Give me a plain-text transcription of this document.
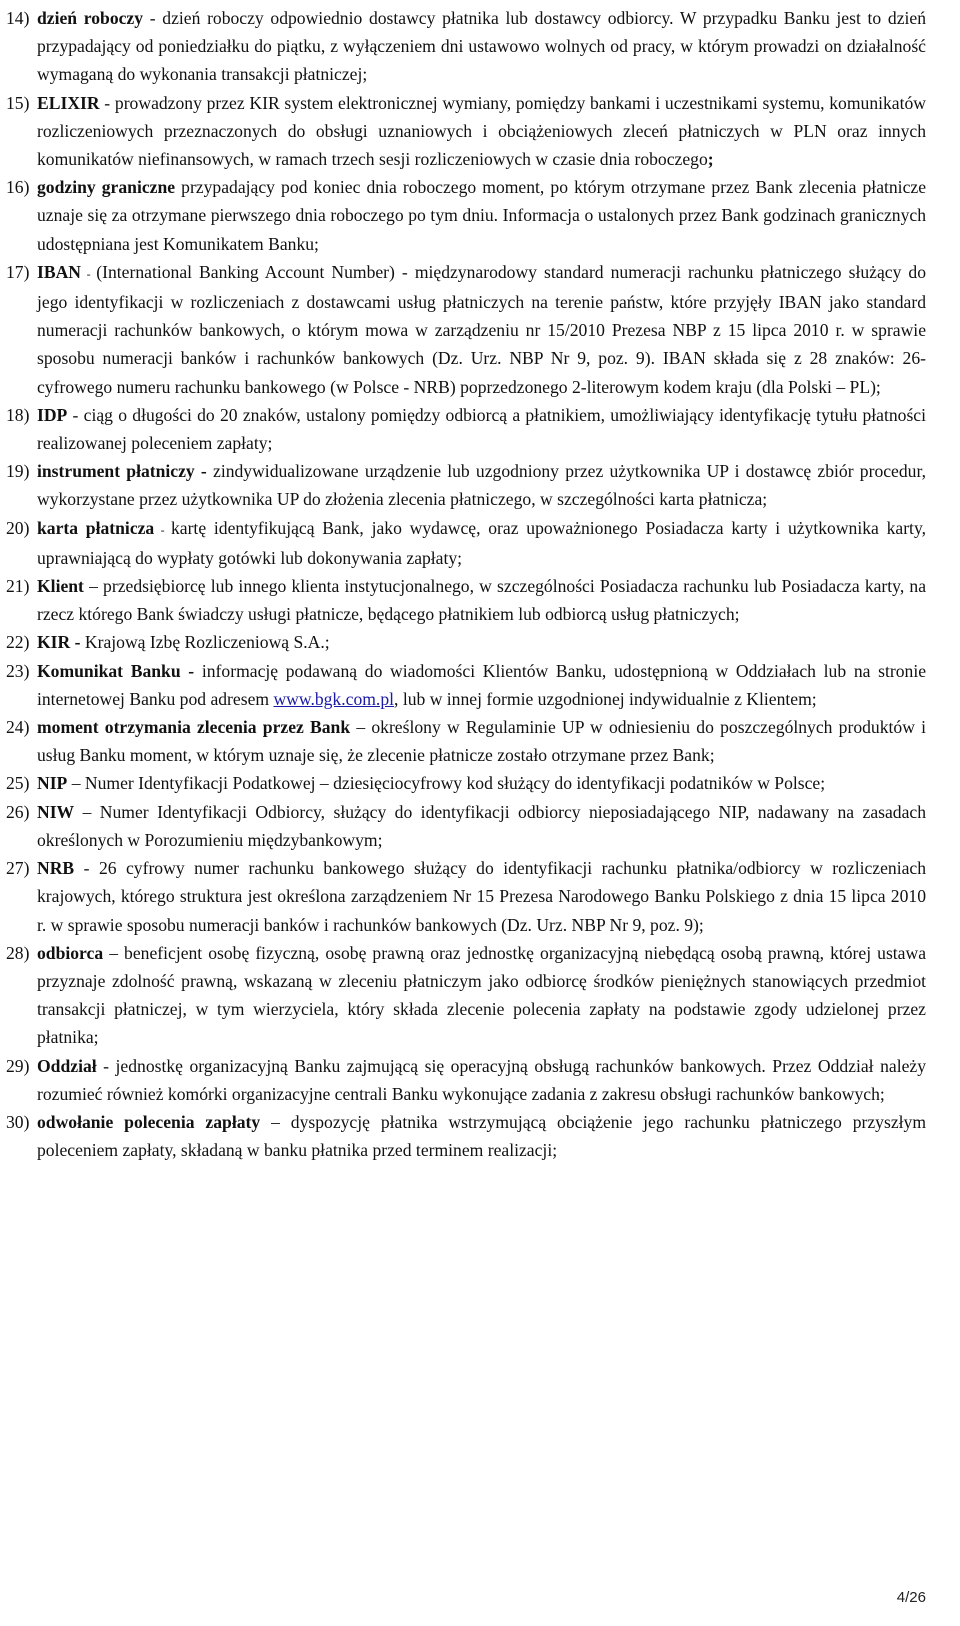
14) dzień roboczy - dzień roboczy odpowiednio dostawcy płatnika lub dostawcy odbiorcy. W przypadku Banku jest to dzień przypadający od poniedziałku do piątku, z wyłączeniem dni ustawowo wolnych od pracy, w którym prowadzi on działalność wymaganą do wykonania transakcji płatniczej;
15) ELIXIR - prowadzony przez KIR system elektronicznej wymiany, pomiędzy bankami i uczestnikami systemu, komunikatów rozliczeniowych przeznaczonych do obsługi uznaniowych i obciążeniowych zleceń płatniczych w PLN oraz innych komunikatów niefinansowych, w ramach trzech sesji rozliczeniowych w czasie dnia roboczego;
16) godziny graniczne przypadający pod koniec dnia roboczego moment, po którym otrzymane przez Bank zlecenia płatnicze uznaje się za otrzymane pierwszego dnia roboczego po tym dniu. Informacja o ustalonych przez Bank godzinach granicznych udostępniana jest Komunikatem Banku;
17) IBAN - (International Banking Account Number) - międzynarodowy standard numeracji rachunku płatniczego służący do jego identyfikacji w rozliczeniach z dostawcami usług płatniczych na terenie państw, które przyjęły IBAN jako standard numeracji rachunków bankowych, o którym mowa w zarządzeniu nr 15/2010 Prezesa NBP z 15 lipca 2010 r. w sprawie sposobu numeracji banków i rachunków bankowych (Dz. Urz. NBP Nr 9, poz. 9). IBAN składa się z 28 znaków: 26-cyfrowego numeru rachunku bankowego (w Polsce - NRB) poprzedzonego 2-literowym kodem kraju (dla Polski – PL);
18) IDP - ciąg o długości do 20 znaków, ustalony pomiędzy odbiorcą a płatnikiem, umożliwiający identyfikację tytułu płatności realizowanej poleceniem zapłaty;
19) instrument płatniczy - zindywidualizowane urządzenie lub uzgodniony przez użytkownika UP i dostawcę zbiór procedur, wykorzystane przez użytkownika UP do złożenia zlecenia płatniczego, w szczególności karta płatnicza;
20) karta płatnicza - kartę identyfikującą Bank, jako wydawcę, oraz upoważnionego Posiadacza karty i użytkownika karty, uprawniającą do wypłaty gotówki lub dokonywania zapłaty;
21) Klient – przedsiębiorcę lub innego klienta instytucjonalnego, w szczególności Posiadacza rachunku lub Posiadacza karty, na rzecz którego Bank świadczy usługi płatnicze, będącego płatnikiem lub odbiorcą usług płatniczych;
22) KIR - Krajową Izbę Rozliczeniową S.A.;
23) Komunikat Banku - informację podawaną do wiadomości Klientów Banku, udostępnioną w Oddziałach lub na stronie internetowej Banku pod adresem www.bgk.com.pl, lub w innej formie uzgodnionej indywidualnie z Klientem;
24) moment otrzymania zlecenia przez Bank – określony w Regulaminie UP w odniesieniu do poszczególnych produktów i usług Banku moment, w którym uznaje się, że zlecenie płatnicze zostało otrzymane przez Bank;
25) NIP – Numer Identyfikacji Podatkowej – dziesięciocyfrowy kod służący do identyfikacji podatników w Polsce;
26) NIW – Numer Identyfikacji Odbiorcy, służący do identyfikacji odbiorcy nieposiadającego NIP, nadawany na zasadach określonych w Porozumieniu międzybankowym;
27) NRB - 26 cyfrowy numer rachunku bankowego służący do identyfikacji rachunku płatnika/odbiorcy w rozliczeniach krajowych, którego struktura jest określona zarządzeniem Nr 15 Prezesa Narodowego Banku Polskiego z dnia 15 lipca 2010 r. w sprawie sposobu numeracji banków i rachunków bankowych (Dz. Urz. NBP Nr 9, poz. 9);
28) odbiorca – beneficjent osobę fizyczną, osobę prawną oraz jednostkę organizacyjną niebędącą osobą prawną, której ustawa przyznaje zdolność prawną, wskazaną w zleceniu płatniczym jako odbiorcę środków pieniężnych stanowiących przedmiot transakcji płatniczej, w tym wierzyciela, który składa zlecenie polecenia zapłaty na podstawie zgody udzielonej przez płatnika;
29) Oddział - jednostkę organizacyjną Banku zajmującą się operacyjną obsługą rachunków bankowych. Przez Oddział należy rozumieć również komórki organizacyjne centrali Banku wykonujące zadania z zakresu obsługi rachunków bankowych;
30) odwołanie polecenia zapłaty – dyspozycję płatnika wstrzymującą obciążenie jego rachunku płatniczego przyszłym poleceniem zapłaty, składaną w banku płatnika przed terminem realizacji;
4/26
